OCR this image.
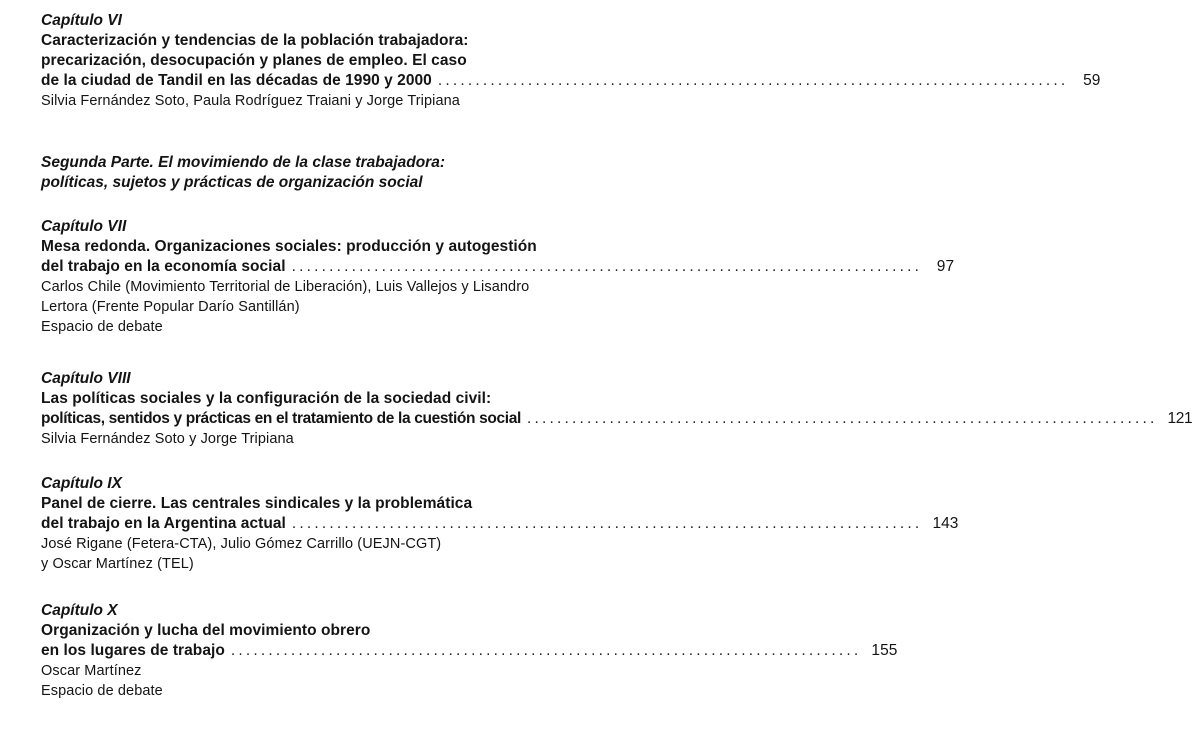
Capítulo VI
Caracterización y tendencias de la población trabajadora:
precarización, desocupación y planes de empleo. El caso
de la ciudad de Tandil en las décadas de 1990 y 2000 .................................................................................... 59
Silvia Fernández Soto, Paula Rodríguez Traiani y Jorge Tripiana
Segunda Parte. El movimiendo de la clase trabajadora:
políticas, sujetos y prácticas de organización social
Capítulo VII
Mesa redonda. Organizaciones sociales: producción y autogestión
del trabajo en la economía social .................................................................................... 97
Carlos Chile (Movimiento Territorial de Liberación), Luis Vallejos y Lisandro
Lertora (Frente Popular Darío Santillán)
Espacio de debate
Capítulo VIII
Las políticas sociales y la configuración de la sociedad civil:
políticas, sentidos y prácticas en el tratamiento de la cuestión social .................................................................................... 121
Silvia Fernández Soto y Jorge Tripiana
Capítulo IX
Panel de cierre. Las centrales sindicales y la problemática
del trabajo en la Argentina actual .................................................................................... 143
José Rigane (Fetera-CTA), Julio Gómez Carrillo (UEJN-CGT)
y Oscar Martínez (TEL)
Capítulo X
Organización y lucha del movimiento obrero
en los lugares de trabajo .................................................................................... 155
Oscar Martínez
Espacio de debate
